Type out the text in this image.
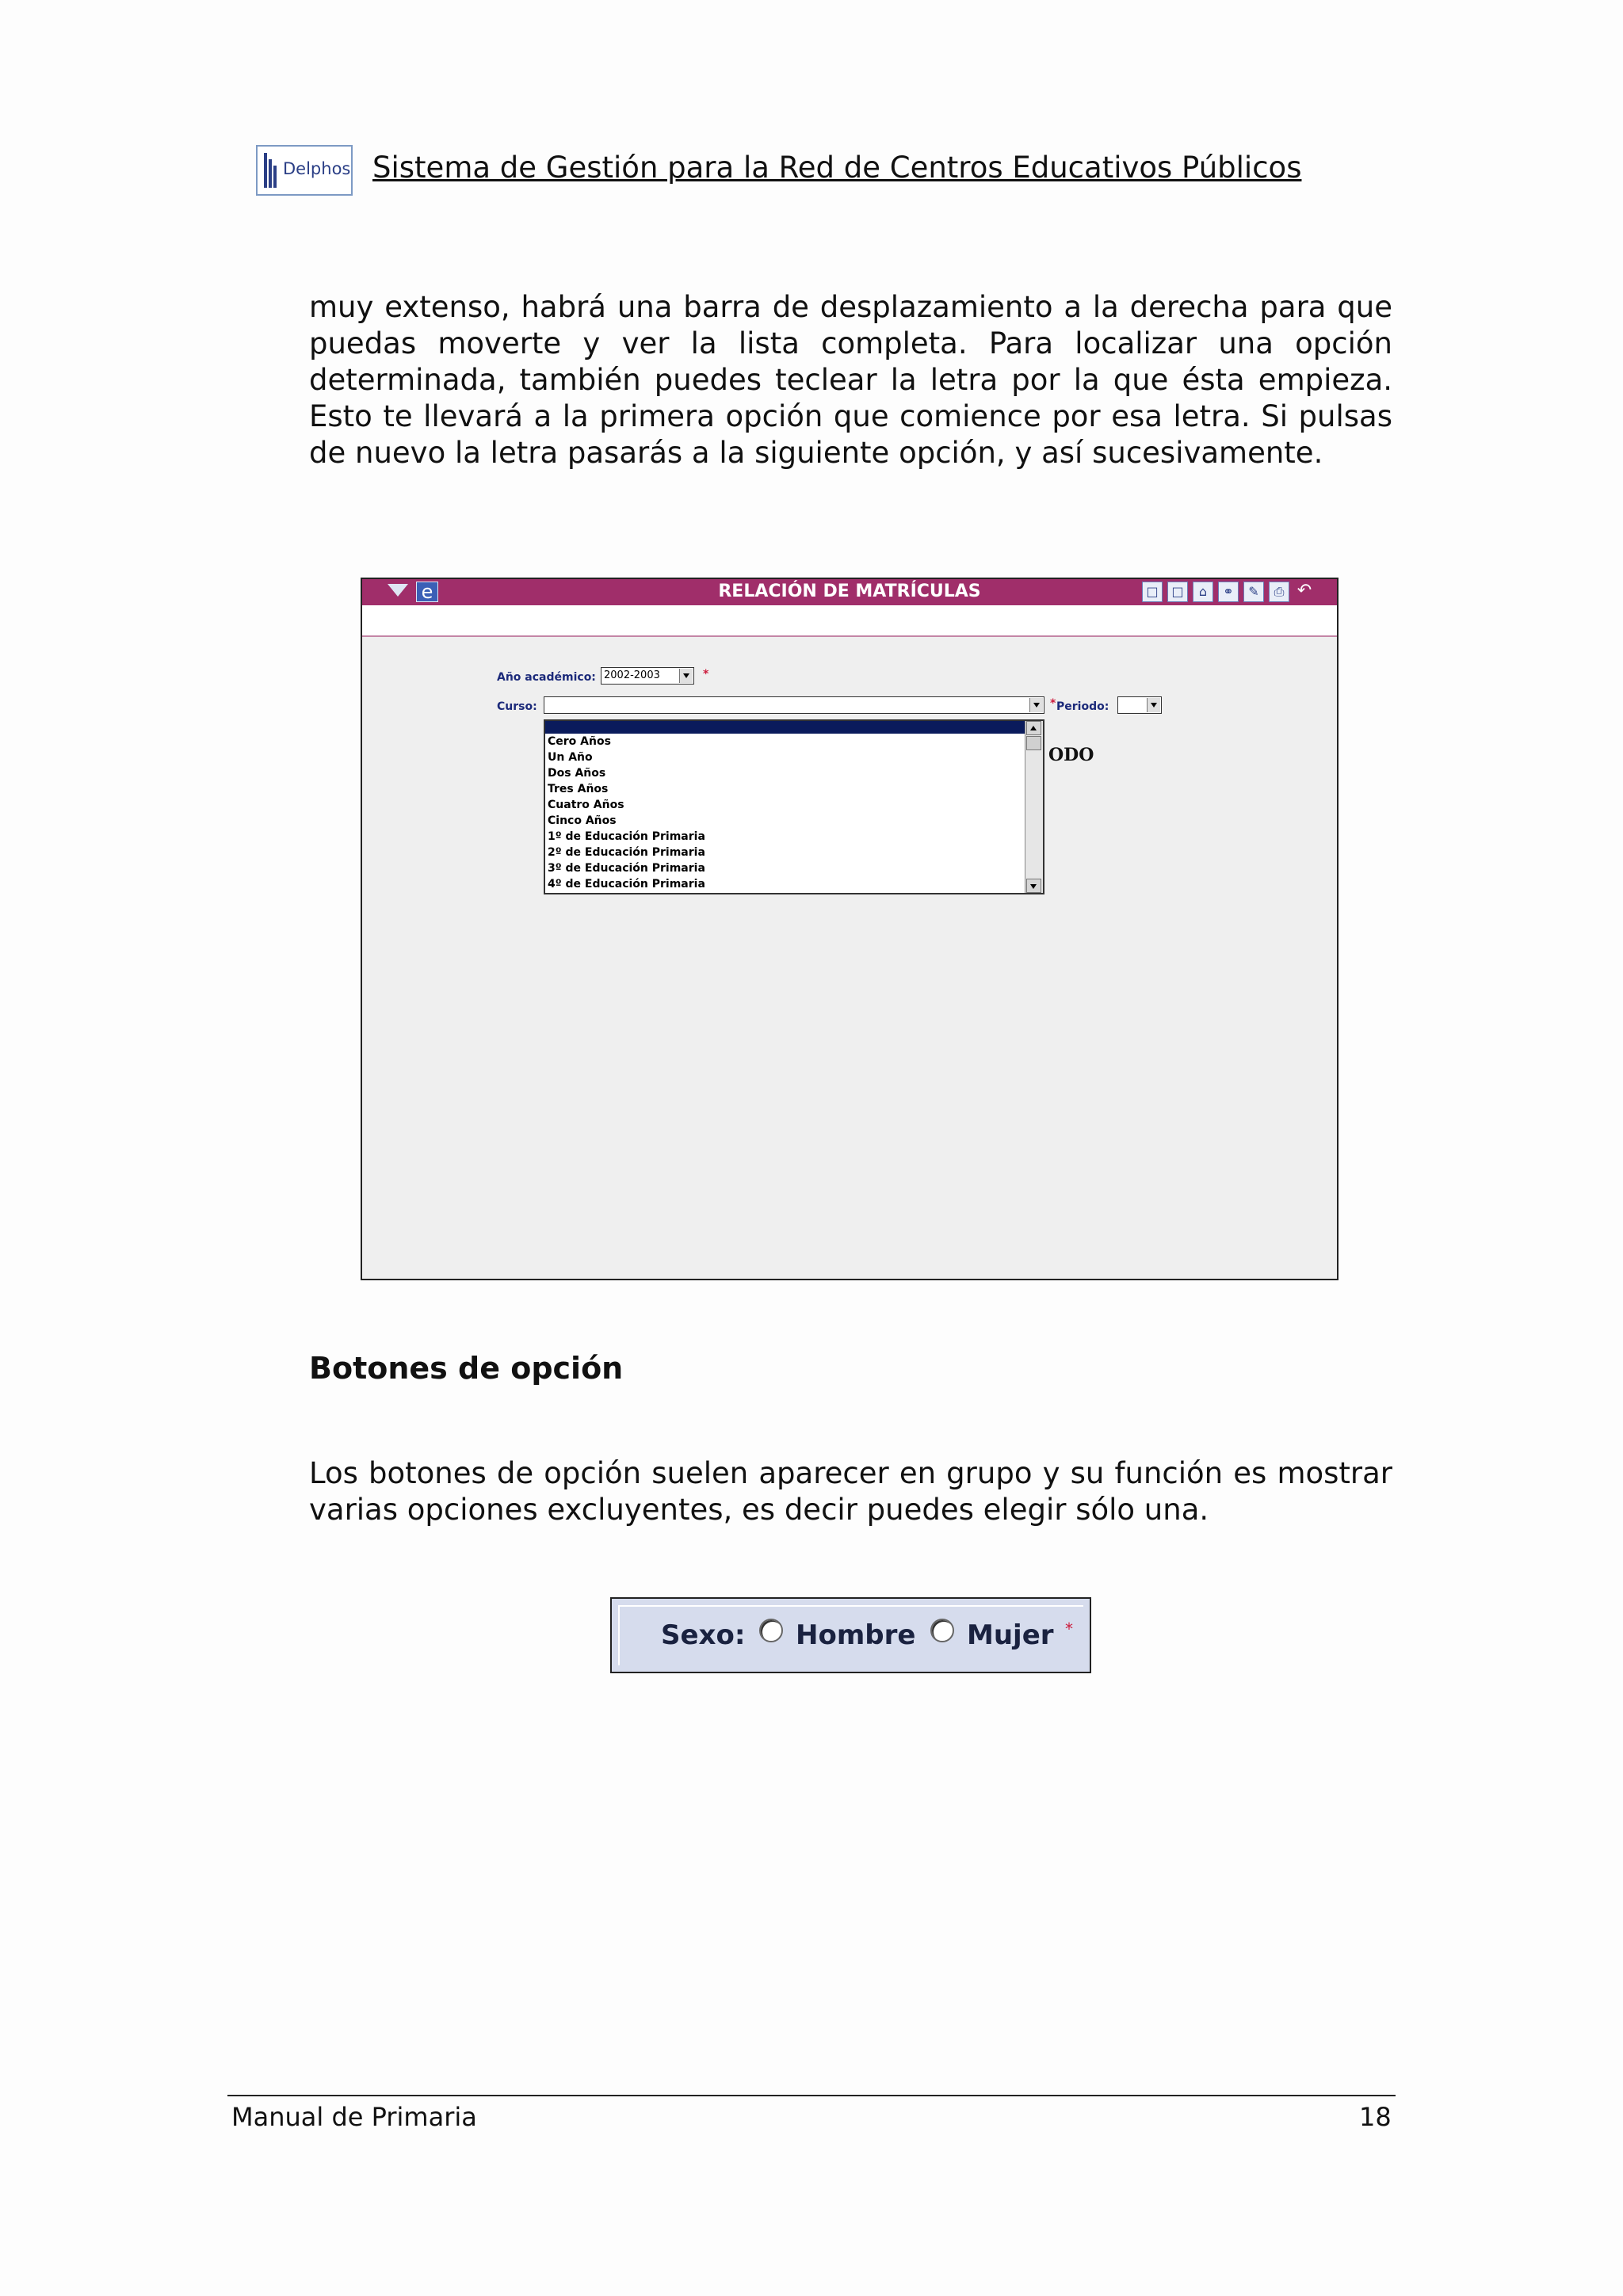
Delphos Sistema de Gestión para la Red de Centros Educativos Públicos
muy extenso, habrá una barra de desplazamiento a la derecha para que puedas moverte y ver la lista completa. Para localizar una opción determinada, también puedes teclear la letra por la que ésta empieza. Esto te llevará a la primera opción que comience por esa letra. Si pulsas de nuevo la letra pasarás a la siguiente opción, y así sucesivamente.
e	RELACIÓN DE MATRÍCULAS	□	□	⌂	⚭	✎	⎙ ↶
Año académico: 2002-2003	*
Curso:	* Periodo:
Cero Años
Un Año
Dos Años
Tres Años
Cuatro Años
Cinco Años
1º de Educación Primaria
2º de Educación Primaria
3º de Educación Primaria
4º de Educación Primaria
ODO
Botones de opción
Los botones de opción suelen aparecer en grupo y su función es mostrar varias opciones excluyentes, es decir puedes elegir sólo una.
Sexo: Hombre Mujer *
Manual de Primaria	18
